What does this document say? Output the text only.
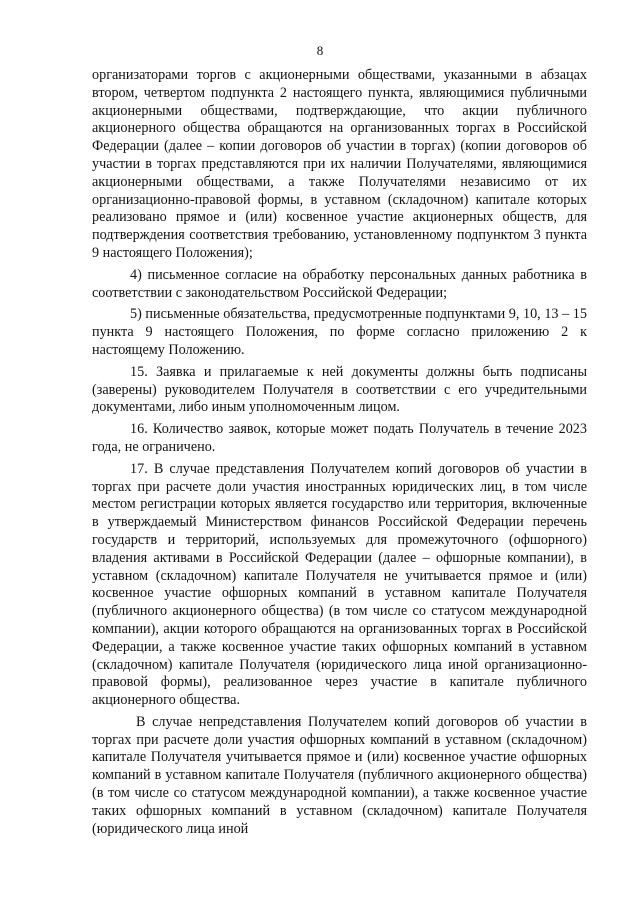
8

организаторами торгов с акционерными обществами, указанными в абзацах втором, четвертом подпункта 2 настоящего пункта, являющимися публичными акционерными обществами, подтверждающие, что акции публичного акционерного общества обращаются на организованных торгах в Российской Федерации (далее – копии договоров об участии в торгах) (копии договоров об участии в торгах представляются при их наличии Получателями, являющимися акционерными обществами, а также Получателями независимо от их организационно-правовой формы, в уставном (складочном) капитале которых реализовано прямое и (или) косвенное участие акционерных обществ, для подтверждения соответствия требованию, установленному подпунктом 3 пункта 9 настоящего Положения);

4) письменное согласие на обработку персональных данных работника в соответствии с законодательством Российской Федерации;

5) письменные обязательства, предусмотренные подпунктами 9, 10, 13 – 15 пункта 9 настоящего Положения, по форме согласно приложению 2 к настоящему Положению.

15. Заявка и прилагаемые к ней документы должны быть подписаны (заверены) руководителем Получателя в соответствии с его учредительными документами, либо иным уполномоченным лицом.

16. Количество заявок, которые может подать Получатель в течение 2023 года, не ограничено.

17. В случае представления Получателем копий договоров об участии в торгах при расчете доли участия иностранных юридических лиц, в том числе местом регистрации которых является государство или территория, включенные в утверждаемый Министерством финансов Российской Федерации перечень государств и территорий, используемых для промежуточного (офшорного) владения активами в Российской Федерации (далее – офшорные компании), в уставном (складочном) капитале Получателя не учитывается прямое и (или) косвенное участие офшорных компаний в уставном капитале Получателя (публичного акционерного общества) (в том числе со статусом международной компании), акции которого обращаются на организованных торгах в Российской Федерации, а также косвенное участие таких офшорных компаний в уставном (складочном) капитале Получателя (юридического лица иной организационно-правовой формы), реализованное через участие в капитале публичного акционерного общества.

В случае непредставления Получателем копий договоров об участии в торгах при расчете доли участия офшорных компаний в уставном (складочном) капитале Получателя учитывается прямое и (или) косвенное участие офшорных компаний в уставном капитале Получателя (публичного акционерного общества) (в том числе со статусом международной компании), а также косвенное участие таких офшорных компаний в уставном (складочном) капитале Получателя (юридического лица иной
